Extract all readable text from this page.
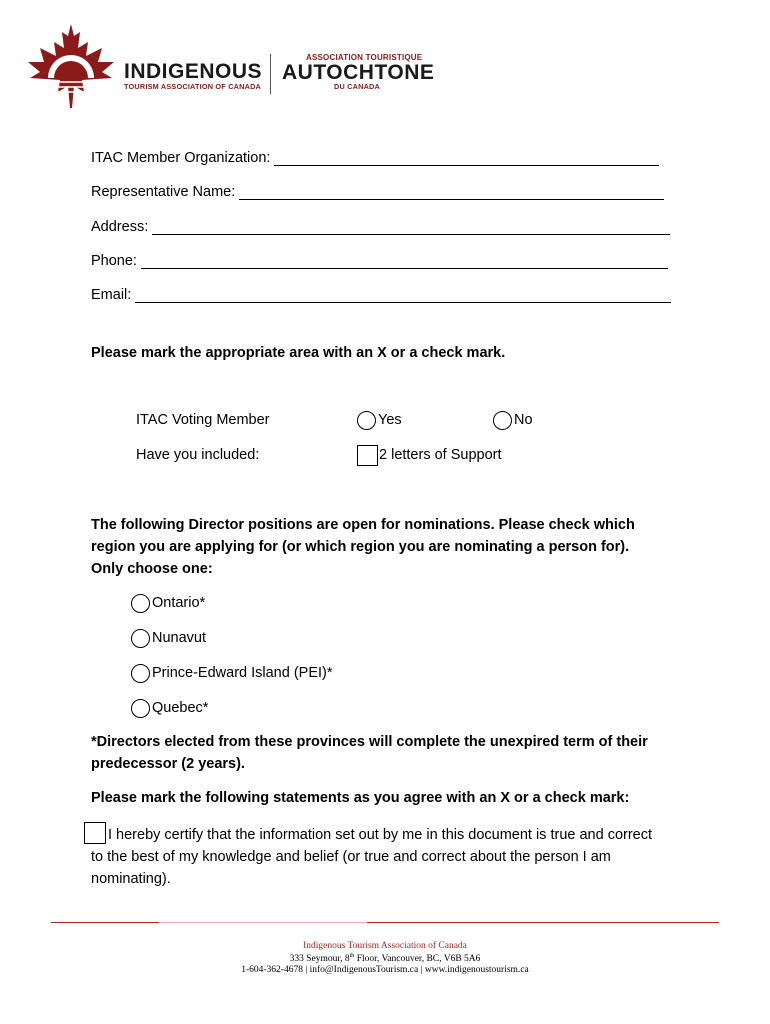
INDIGENOUS
TOURISM ASSOCIATION OF CANADA
ASSOCIATION TOURISTIQUE
AUTOCHTONE
DU CANADA
ITAC Member Organization:
Representative Name:
Address:
Phone:
Email:
Please mark the appropriate area with an X or a check mark.
ITAC Voting Member	Yes	No
Have you included:	2 letters of Support
The following Director positions are open for nominations. Please check which
region you are applying for (or which region you are nominating a person for).
Only choose one:
Ontario*
Nunavut
Prince-Edward Island (PEI)*
Quebec*
*Directors elected from these provinces will complete the unexpired term of their
predecessor (2 years).
Please mark the following statements as you agree with an X or a check mark:
I hereby certify that the information set out by me in this document is true and correct
to the best of my knowledge and belief (or true and correct about the person I am
nominating).
Indigenous Tourism Association of Canada
333 Seymour, 8th Floor, Vancouver, BC, V6B 5A6
1-604-362-4678 | info@IndigenousTourism.ca | www.indigenoustourism.ca
